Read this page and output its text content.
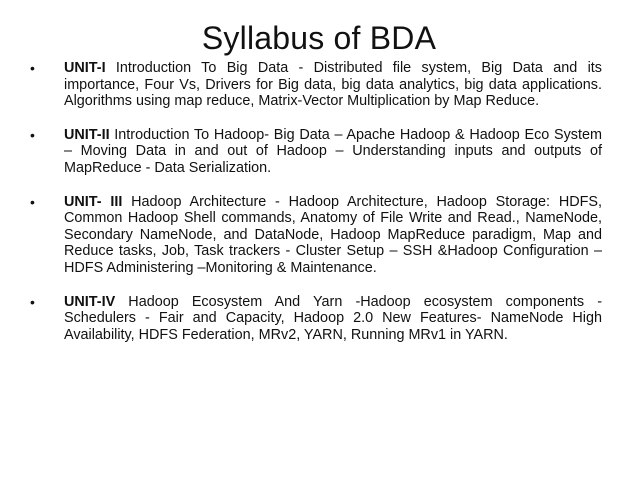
Syllabus of BDA
•	UNIT-I Introduction To Big Data - Distributed file system, Big Data and its importance, Four Vs, Drivers for Big data, big data analytics, big data applications. Algorithms using map reduce, Matrix-Vector Multiplication by Map Reduce.
•	UNIT-II Introduction To Hadoop- Big Data – Apache Hadoop & Hadoop Eco System – Moving Data in and out of Hadoop – Understanding inputs and outputs of MapReduce - Data Serialization.
•	UNIT- III Hadoop Architecture - Hadoop Architecture, Hadoop Storage: HDFS, Common Hadoop Shell commands, Anatomy of File Write and Read., NameNode, Secondary NameNode, and DataNode, Hadoop MapReduce paradigm, Map and Reduce tasks, Job, Task trackers - Cluster Setup – SSH &Hadoop Configuration – HDFS Administering –Monitoring & Maintenance.
•	UNIT-IV Hadoop Ecosystem And Yarn -Hadoop ecosystem components - Schedulers - Fair and Capacity, Hadoop 2.0 New Features- NameNode High Availability, HDFS Federation, MRv2, YARN, Running MRv1 in YARN.
